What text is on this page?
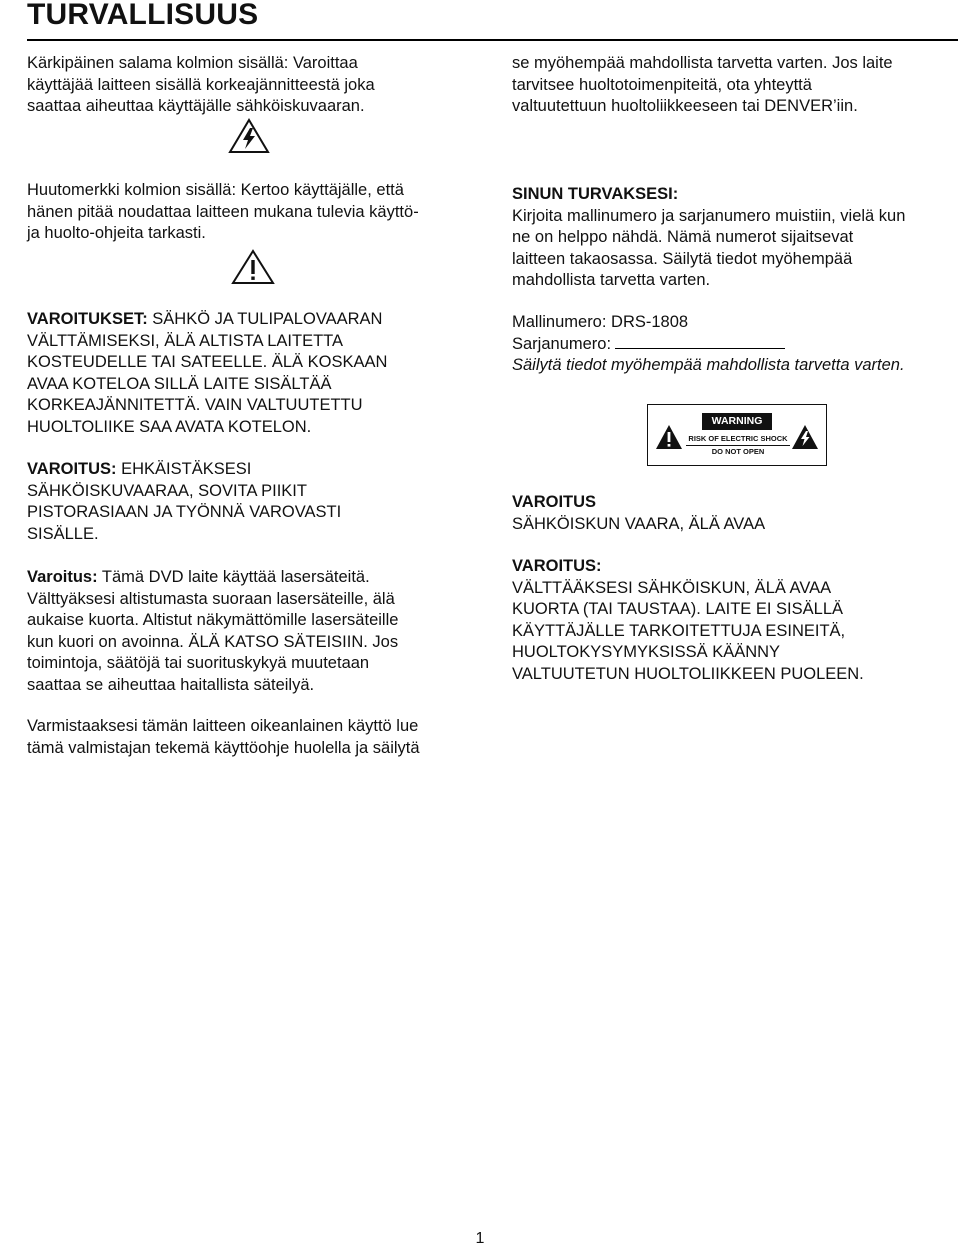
TURVALLISUUS

Kärkipäinen salama kolmion sisällä: Varoittaa
käyttäjää laitteen sisällä korkeajännitteestä joka
saattaa aiheuttaa käyttäjälle sähköiskuvaaran.

Huutomerkki kolmion sisällä: Kertoo käyttäjälle, että
hänen pitää noudattaa laitteen mukana tulevia käyttö-
ja huolto-ohjeita tarkasti.

VAROITUKSET: SÄHKÖ JA TULIPALOVAARAN
VÄLTTÄMISEKSI, ÄLÄ ALTISTA LAITETTA
KOSTEUDELLE TAI SATEELLE. ÄLÄ KOSKAAN
AVAA KOTELOA SILLÄ LAITE SISÄLTÄÄ
KORKEAJÄNNITETTÄ. VAIN VALTUUTETTU
HUOLTOLIIKE SAA AVATA KOTELON.

VAROITUS: EHKÄISTÄKSESI
SÄHKÖISKUVAARAA, SOVITA PIIKIT
PISTORASIAAN JA TYÖNNÄ VAROVASTI
SISÄLLE.

Varoitus: Tämä DVD laite käyttää lasersäteitä.
Välttyäksesi altistumasta suoraan lasersäteille, älä
aukaise kuorta. Altistut näkymättömille lasersäteille
kun kuori on avoinna. ÄLÄ KATSO SÄTEISIIN. Jos
toimintoja, säätöjä tai suorituskykyä muutetaan
saattaa se aiheuttaa haitallista säteilyä.

Varmistaaksesi tämän laitteen oikeanlainen käyttö lue
tämä valmistajan tekemä käyttöohje huolella ja säilytä

se myöhempää mahdollista tarvetta varten. Jos laite
tarvitsee huoltotoimenpiteitä, ota yhteyttä
valtuutettuun huoltoliikkeeseen tai DENVER’iin.

SINUN TURVAKSESI:

Kirjoita mallinumero ja sarjanumero muistiin, vielä kun
ne on helppo nähdä. Nämä numerot sijaitsevat
laitteen takaosassa. Säilytä tiedot myöhempää
mahdollista tarvetta varten.

Mallinumero: DRS-1808

Sarjanumero:

Säilytä tiedot myöhempää mahdollista tarvetta varten.

WARNING
RISK OF ELECTRIC SHOCK
DO NOT OPEN

VAROITUS

SÄHKÖISKUN VAARA, ÄLÄ AVAA

VAROITUS:

VÄLTTÄÄKSESI SÄHKÖISKUN, ÄLÄ AVAA
KUORTA (TAI TAUSTAA). LAITE EI SISÄLLÄ
KÄYTTÄJÄLLE TARKOITETTUJA ESINEITÄ,
HUOLTOKYSYMYKSISSÄ KÄÄNNY
VALTUUTETUN HUOLTOLIIKKEEN PUOLEEN.

1
